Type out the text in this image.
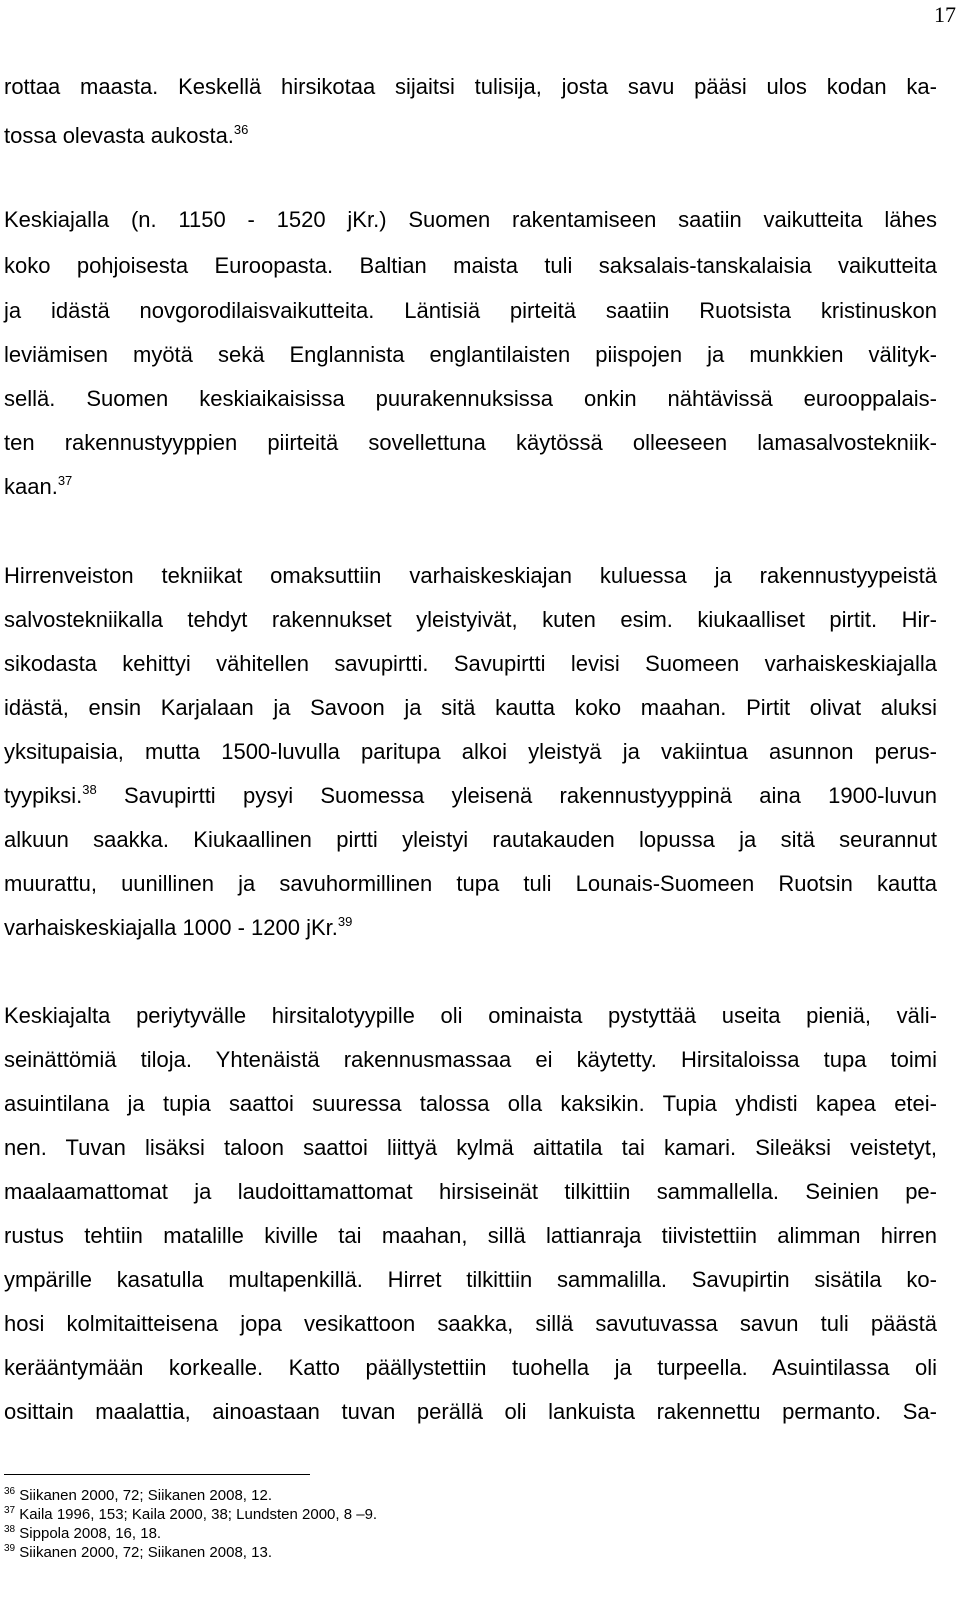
17
rottaa maasta. Keskellä hirsikotaa sijaitsi tulisija, josta savu pääsi ulos kodan ka-
tossa olevasta aukosta.$^{36}$
Keskiajalla (n. 1150 - 1520 jKr.) Suomen rakentamiseen saatiin vaikutteita lähes
koko pohjoisesta Euroopasta. Baltian maista tuli saksalais-tanskalaisia vaikutteita
ja idästä novgorodilaisvaikutteita. Läntisiä pirteitä saatiin Ruotsista kristinuskon
leviämisen myötä sekä Englannista englantilaisten piispojen ja munkkien välityk-
sellä. Suomen keskiaikaisissa puurakennuksissa onkin nähtävissä eurooppalais-
ten rakennustyyppien piirteitä sovellettuna käytössä olleeseen lamasalvostekniik-
kaan.$^{37}$
Hirrenveiston tekniikat omaksuttiin varhaiskeskiajan kuluessa ja rakennustyypeistä
salvostekniikalla tehdyt rakennukset yleistyivät, kuten esim. kiukaalliset pirtit. Hir-
sikodasta kehittyi vähitellen savupirtti. Savupirtti levisi Suomeen varhaiskeskiajalla
idästä, ensin Karjalaan ja Savoon ja sitä kautta koko maahan. Pirtit olivat aluksi
yksitupaisia, mutta 1500-luvulla paritupa alkoi yleistyä ja vakiintua asunnon perus-
tyypiksi.$^{38}$ Savupirtti pysyi Suomessa yleisenä rakennustyyppinä aina 1900-luvun
alkuun saakka. Kiukaallinen pirtti yleistyi rautakauden lopussa ja sitä seurannut
muurattu, uunillinen ja savuhormillinen tupa tuli Lounais-Suomeen Ruotsin kautta
varhaiskeskiajalla 1000 - 1200 jKr.$^{39}$
Keskiajalta periytyvälle hirsitalotyypille oli ominaista pystyttää useita pieniä, väli-
seinättömiä tiloja. Yhtenäistä rakennusmassaa ei käytetty. Hirsitaloissa tupa toimi
asuintilana ja tupia saattoi suuressa talossa olla kaksikin. Tupia yhdisti kapea etei-
nen. Tuvan lisäksi taloon saattoi liittyä kylmä aittatila tai kamari. Sileäksi veistetyt,
maalaamattomat ja laudoittamattomat hirsiseinät tilkittiin sammallella. Seinien pe-
rustus tehtiin matalille kiville tai maahan, sillä lattianraja tiivistettiin alimman hirren
ympärille kasatulla multapenkillä. Hirret tilkittiin sammalilla. Savupirtin sisätila ko-
hosi kolmitaitteisena jopa vesikattoon saakka, sillä savutuvassa savun tuli päästä
kerääntymään korkealle. Katto päällystettiin tuohella ja turpeella. Asuintilassa oli
osittain maalattia, ainoastaan tuvan perällä oli lankuista rakennettu permanto. Sa-
$^{36}$ Siikanen 2000, 72; Siikanen 2008, 12.
$^{37}$ Kaila 1996, 153; Kaila 2000, 38; Lundsten 2000, 8 –9.
$^{38}$ Sippola 2008, 16, 18.
$^{39}$ Siikanen 2000, 72; Siikanen 2008, 13.
